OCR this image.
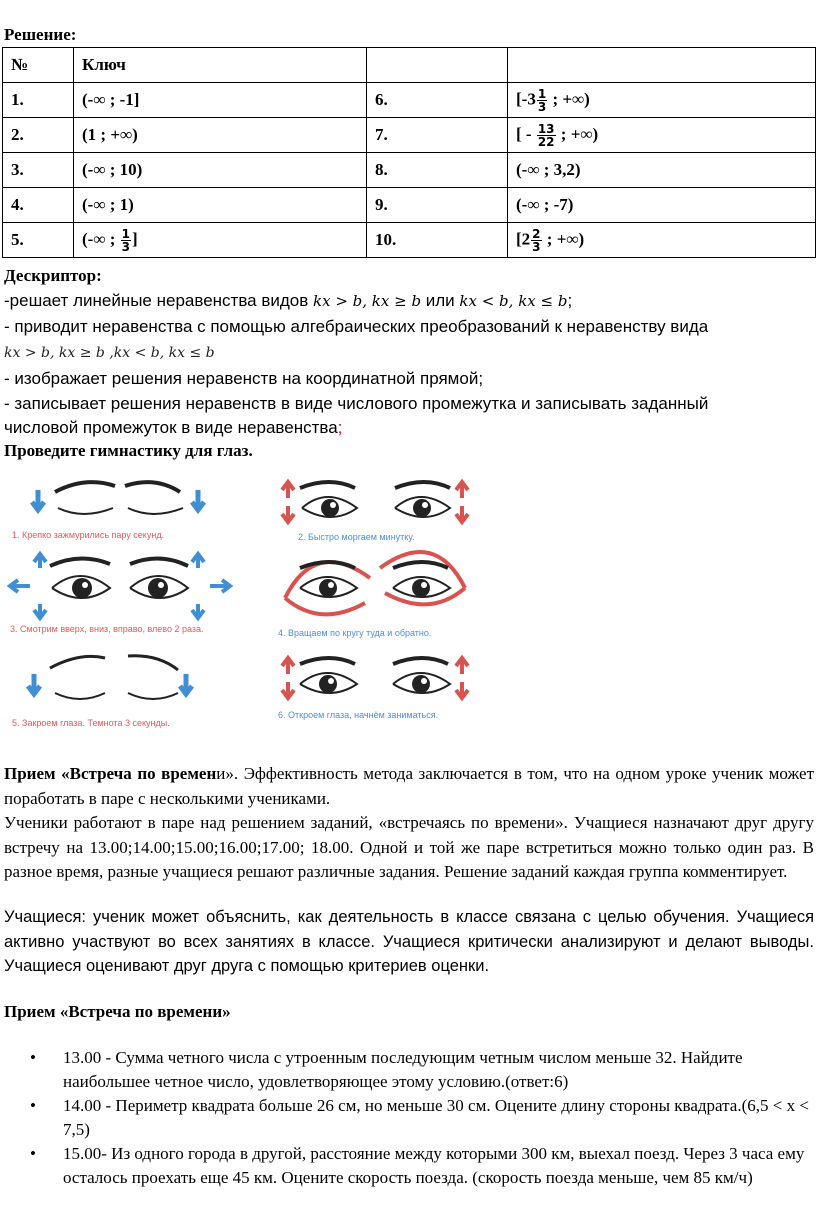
Решение:
№	Ключ		
1.	(-∞ ; -1]	6.	[$-3 \frac{1}{3}$ ; +∞)
2.	(1 ; +∞)	7.	[ - $\frac{13}{22}$ ; +∞)
3.	(-∞ ; 10)	8.	(-∞ ; 3,2)
4.	(-∞ ; 1)	9.	(-∞ ; -7)
5.	(-∞ ; $\frac{1}{3}$ ]	10.	[$2 \frac{2}{3}$ ; +∞)
Дескриптор:
-решает линейные неравенства видов kx > b, kx ≥ b или kx < b, kx ≤ b;
- приводит неравенства с помощью алгебраических преобразований к неравенству вида
kx > b, kx ≥ b ,kx < b, kx ≤ b
- изображает решения неравенств на координатной прямой;
- записывает решения неравенств в виде числового промежутка и записывать заданный
числовой промежуток в виде неравенства;
Проведите гимнастику для глаз.
1. Крепко зажмурились пару секунд.	2. Быстро моргаем минутку.
3. Смотрим вверх, вниз, вправо, влево 2 раза.	4. Вращаем по кругу туда и обратно.
5. Закроем глаза. Темнота 3 секунды.
6. Откроем глаза, начнём заниматься.
Прием «Встреча по времени». Эффективность метода заключается в том, что на одном уроке ученик может поработать в паре с несколькими учениками.
Ученики работают в паре над решением заданий, «встречаясь по времени». Учащиеся назначают друг другу встречу на 13.00;14.00;15.00;16.00;17.00; 18.00. Одной и той же паре встретиться можно только один раз. В разное время, разные учащиеся решают различные задания. Решение заданий каждая группа комментирует.
Учащиеся: ученик может объяснить, как деятельность в классе связана с целью обучения. Учащиеся активно участвуют во всех занятиях в классе. Учащиеся критически анализируют и делают выводы. Учащиеся оценивают друг друга с помощью критериев оценки.
Прием «Встреча по времени»
• 13.00 - Сумма четного числа с утроенным последующим четным числом меньше 32. Найдите наибольшее четное число, удовлетворяющее этому условию.(ответ:6)
• 14.00 - Периметр квадрата больше 26 см, но меньше 30 см. Оцените длину стороны квадрата.(6,5 < x < 7,5)
• 15.00- Из одного города в другой, расстояние между которыми 300 км, выехал поезд. Через 3 часа ему осталось проехать еще 45 км. Оцените скорость поезда. (скорость поезда меньше, чем 85 км/ч)
